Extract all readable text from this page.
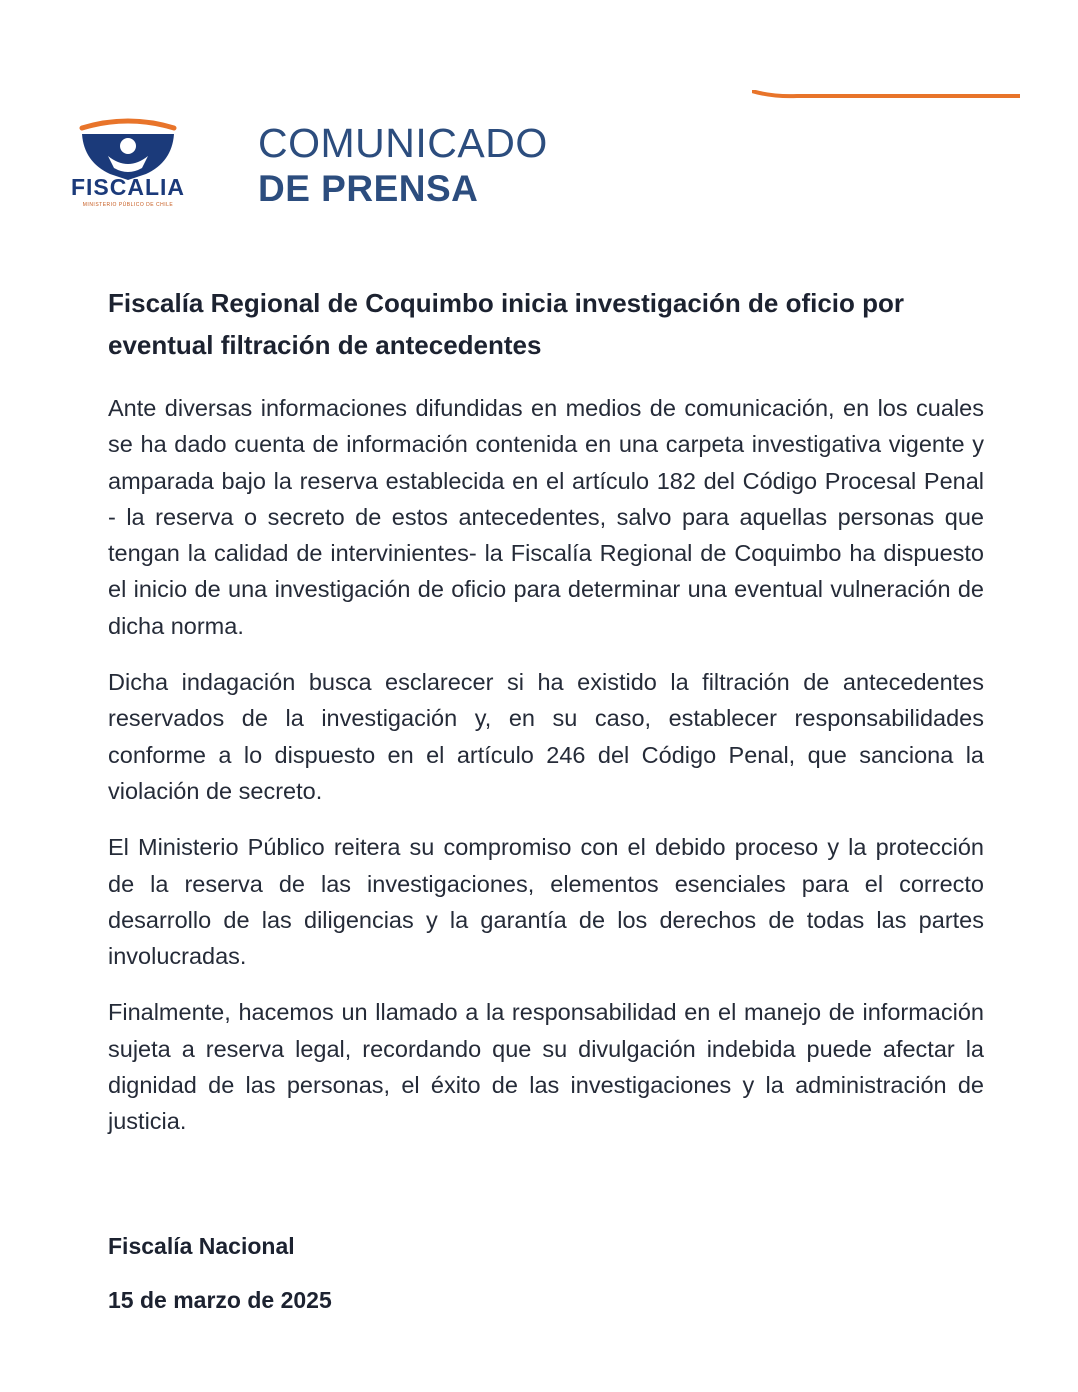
FISCALIA
MINISTERIO PÚBLICO DE CHILE
COMUNICADO
DE PRENSA
Fiscalía Regional de Coquimbo inicia investigación de oficio por eventual filtración de antecedentes

Ante diversas informaciones difundidas en medios de comunicación, en los cuales se ha dado cuenta de información contenida en una carpeta investigativa vigente y amparada bajo la reserva establecida en el artículo 182 del Código Procesal Penal - la reserva o secreto de estos antecedentes, salvo para aquellas personas que tengan la calidad de intervinientes- la Fiscalía Regional de Coquimbo ha dispuesto el inicio de una investigación de oficio para determinar una eventual vulneración de dicha norma.

Dicha indagación busca esclarecer si ha existido la filtración de antecedentes reservados de la investigación y, en su caso, establecer responsabilidades conforme a lo dispuesto en el artículo 246 del Código Penal, que sanciona la violación de secreto.

El Ministerio Público reitera su compromiso con el debido proceso y la protección de la reserva de las investigaciones, elementos esenciales para el correcto desarrollo de las diligencias y la garantía de los derechos de todas las partes involucradas.

Finalmente, hacemos un llamado a la responsabilidad en el manejo de información sujeta a reserva legal, recordando que su divulgación indebida puede afectar la dignidad de las personas, el éxito de las investigaciones y la administración de justicia.

Fiscalía Nacional
15 de marzo de 2025
